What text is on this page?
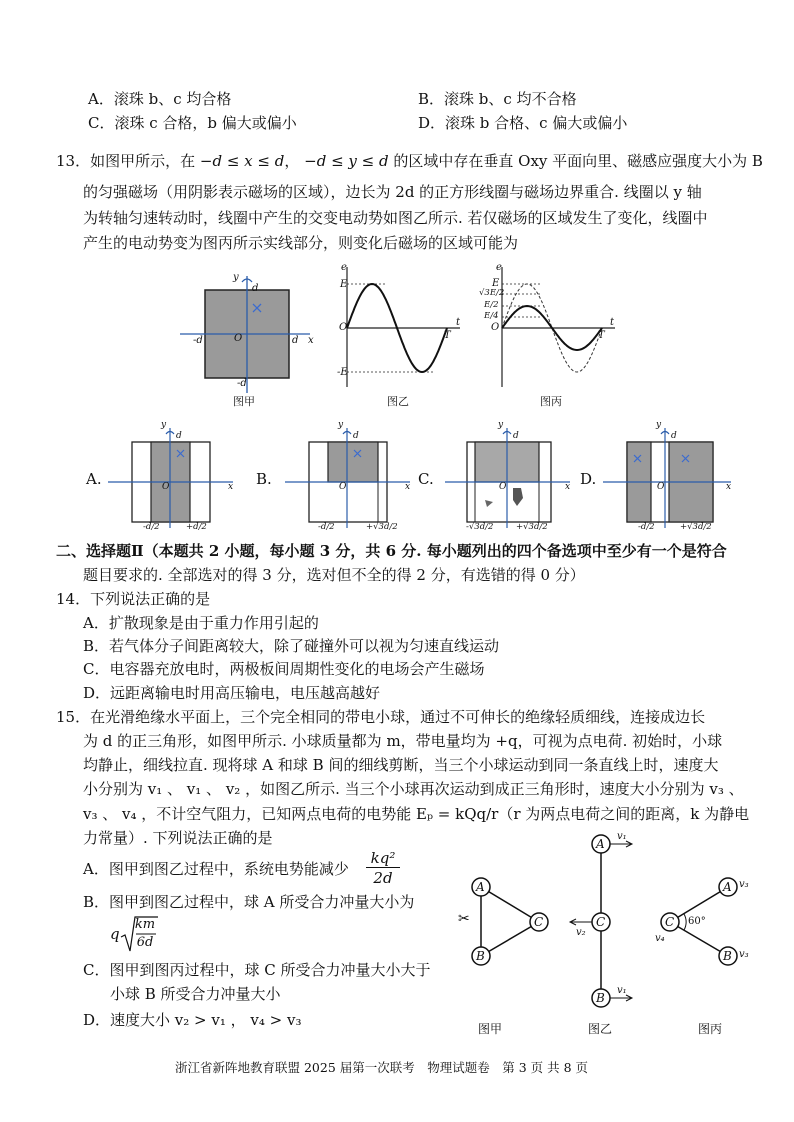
A．滚珠 b、c 均合格	B．滚珠 b、c 均不合格
C．滚珠 c 合格，b 偏大或偏小	D．滚珠 b 合格、c 偏大或偏小
13．如图甲所示，在 −d ≤ x ≤ d， −d ≤ y ≤ d 的区域中存在垂直 Oxy 平面向里、磁感应强度大小为 B
的匀强磁场（用阴影表示磁场的区域），边长为 2d 的正方形线圈与磁场边界重合. 线圈以 y 轴
为转轴匀速转动时，线圈中产生的交变电动势如图乙所示. 若仅磁场的区域发生了变化，线圈中
产生的电动势变为图丙所示实线部分，则变化后磁场的区域可能为
y
d
O
-d	d x
-d
图甲
e
E
O
-E
t
T
图乙
e
E
√3E/2
E/2
E/4
O	t
T
图丙
A.
y
d
O	x
-d/2	+d/2
B.
y
d
O	x
-d/2	+√3d/2
C.
y
d
O	x
-√3d/2	+√3d/2
D.
y
d
O	x
-d/2	+√3d/2
二、选择题Ⅱ（本题共 2 小题，每小题 3 分，共 6 分. 每小题列出的四个备选项中至少有一个是符合
题目要求的. 全部选对的得 3 分，选对但不全的得 2 分，有选错的得 0 分）
14．下列说法正确的是
A．扩散现象是由于重力作用引起的
B．若气体分子间距离较大，除了碰撞外可以视为匀速直线运动
C．电容器充放电时，两极板间周期性变化的电场会产生磁场
D．远距离输电时用高压输电，电压越高越好
15．在光滑绝缘水平面上，三个完全相同的带电小球，通过不可伸长的绝缘轻质细线，连接成边长
为 d 的正三角形，如图甲所示. 小球质量都为 m，带电量均为 +q，可视为点电荷. 初始时，小球
均静止，细线拉直. 现将球 A 和球 B 间的细线剪断，当三个小球运动到同一条直线上时，速度大
小分别为 v₁ 、 v₁ 、 v₂ ，如图乙所示. 当三个小球再次运动到成正三角形时，速度大小分别为 v₃ 、
v₃ 、 v₄ ，不计空气阻力，已知两点电荷的电势能 Eₚ = kQq/r（r 为两点电荷之间的距离，k 为静电
力常量）. 下列说法正确的是
A．图甲到图乙过程中，系统电势能减少
kq²
2d
B．图甲到图乙过程中，球 A 所受合力冲量大小为
q
km
6d
C．图甲到图丙过程中，球 C 所受合力冲量大小大于
小球 B 所受合力冲量大小
D．速度大小 v₂ > v₁ ， v₄ > v₃
A
C
B
✂
A
C
B
v₁
v₂
v₁
C
A
B
v₃
v₃
v₄
60°
图甲	图乙	图丙
浙江省新阵地教育联盟 2025 届第一次联考　物理试题卷　第 3 页 共 8 页
